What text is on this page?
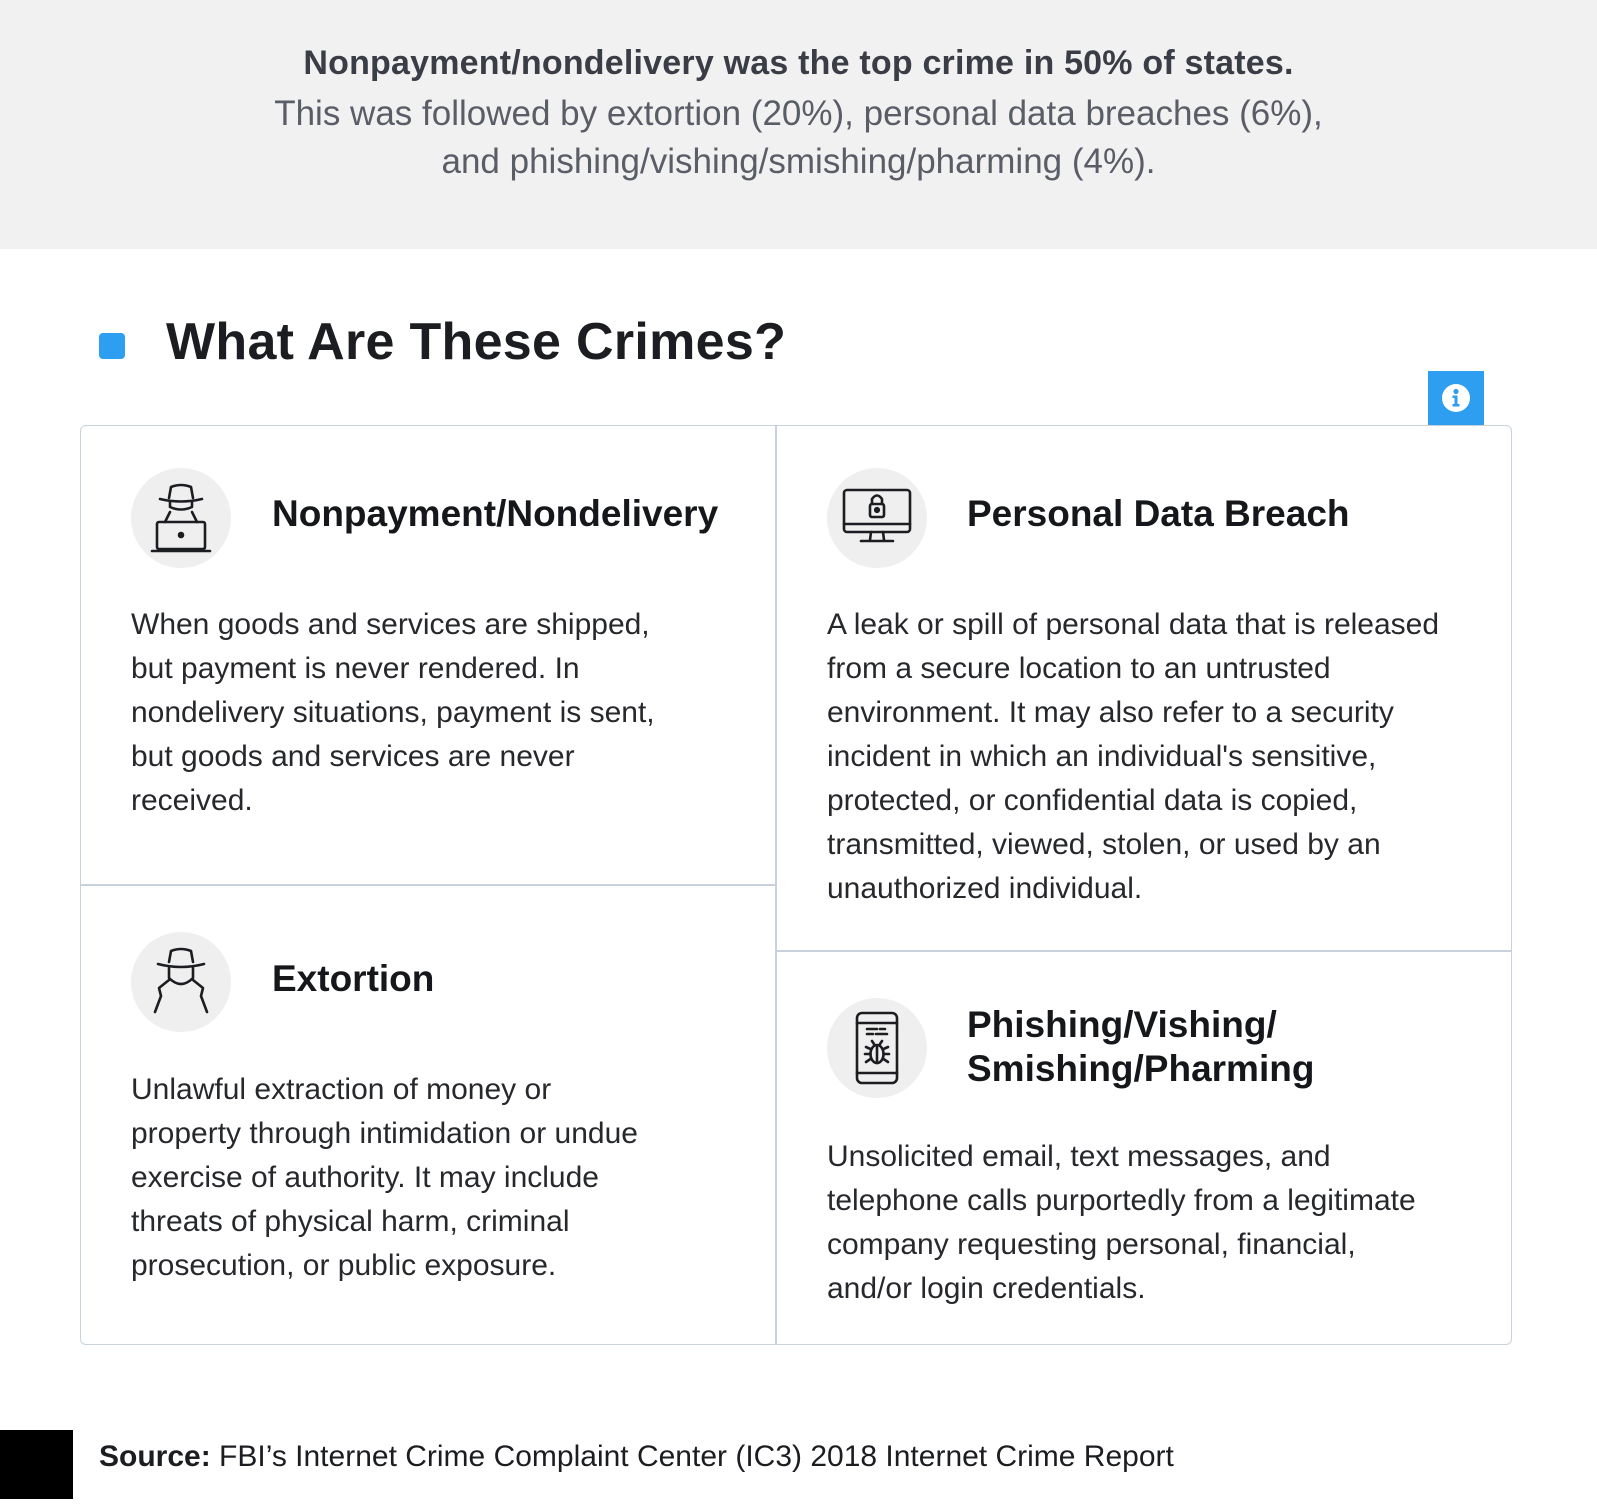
Nonpayment/nondelivery was the top crime in 50% of states.
This was followed by extortion (20%), personal data breaches (6%),
and phishing/vishing/smishing/pharming (4%).
What Are These Crimes?
Nonpayment/Nondelivery
When goods and services are shipped,
but payment is never rendered. In
nondelivery situations, payment is sent,
but goods and services are never
received.
Personal Data Breach
A leak or spill of personal data that is released
from a secure location to an untrusted
environment. It may also refer to a security
incident in which an individual's sensitive,
protected, or confidential data is copied,
transmitted, viewed, stolen, or used by an
unauthorized individual.
Extortion
Unlawful extraction of money or
property through intimidation or undue
exercise of authority. It may include
threats of physical harm, criminal
prosecution, or public exposure.
Phishing/Vishing/
Smishing/Pharming
Unsolicited email, text messages, and
telephone calls purportedly from a legitimate
company requesting personal, financial,
and/or login credentials.
Source: FBI’s Internet Crime Complaint Center (IC3) 2018 Internet Crime Report
